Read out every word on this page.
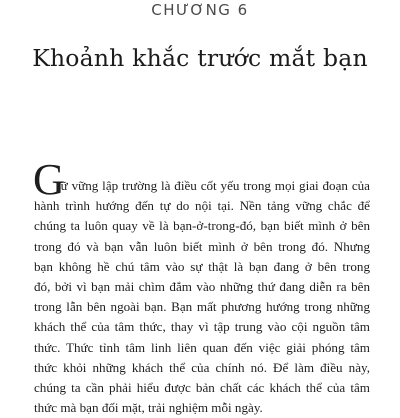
CHƯƠNG 6
Khoảnh khắc trước mắt bạn
G
iữ vững lập trường là điều cốt yếu trong mọi giai đoạn của
hành trình hướng đến tự do nội tại. Nền tảng vững chắc để
chúng ta luôn quay về là bạn-ở-trong-đó, bạn biết mình ở bên
trong đó và bạn vẫn luôn biết mình ở bên trong đó. Nhưng
bạn không hề chú tâm vào sự thật là bạn đang ở bên trong
đó, bởi vì bạn mải chìm đắm vào những thứ đang diễn ra bên
trong lẫn bên ngoài bạn. Bạn mất phương hướng trong những
khách thể của tâm thức, thay vì tập trung vào cội nguồn tâm
thức. Thức tỉnh tâm linh liên quan đến việc giải phóng tâm
thức khỏi những khách thể của chính nó. Để làm điều này,
chúng ta cần phải hiểu được bản chất các khách thể của tâm
thức mà bạn đối mặt, trải nghiệm mỗi ngày.
